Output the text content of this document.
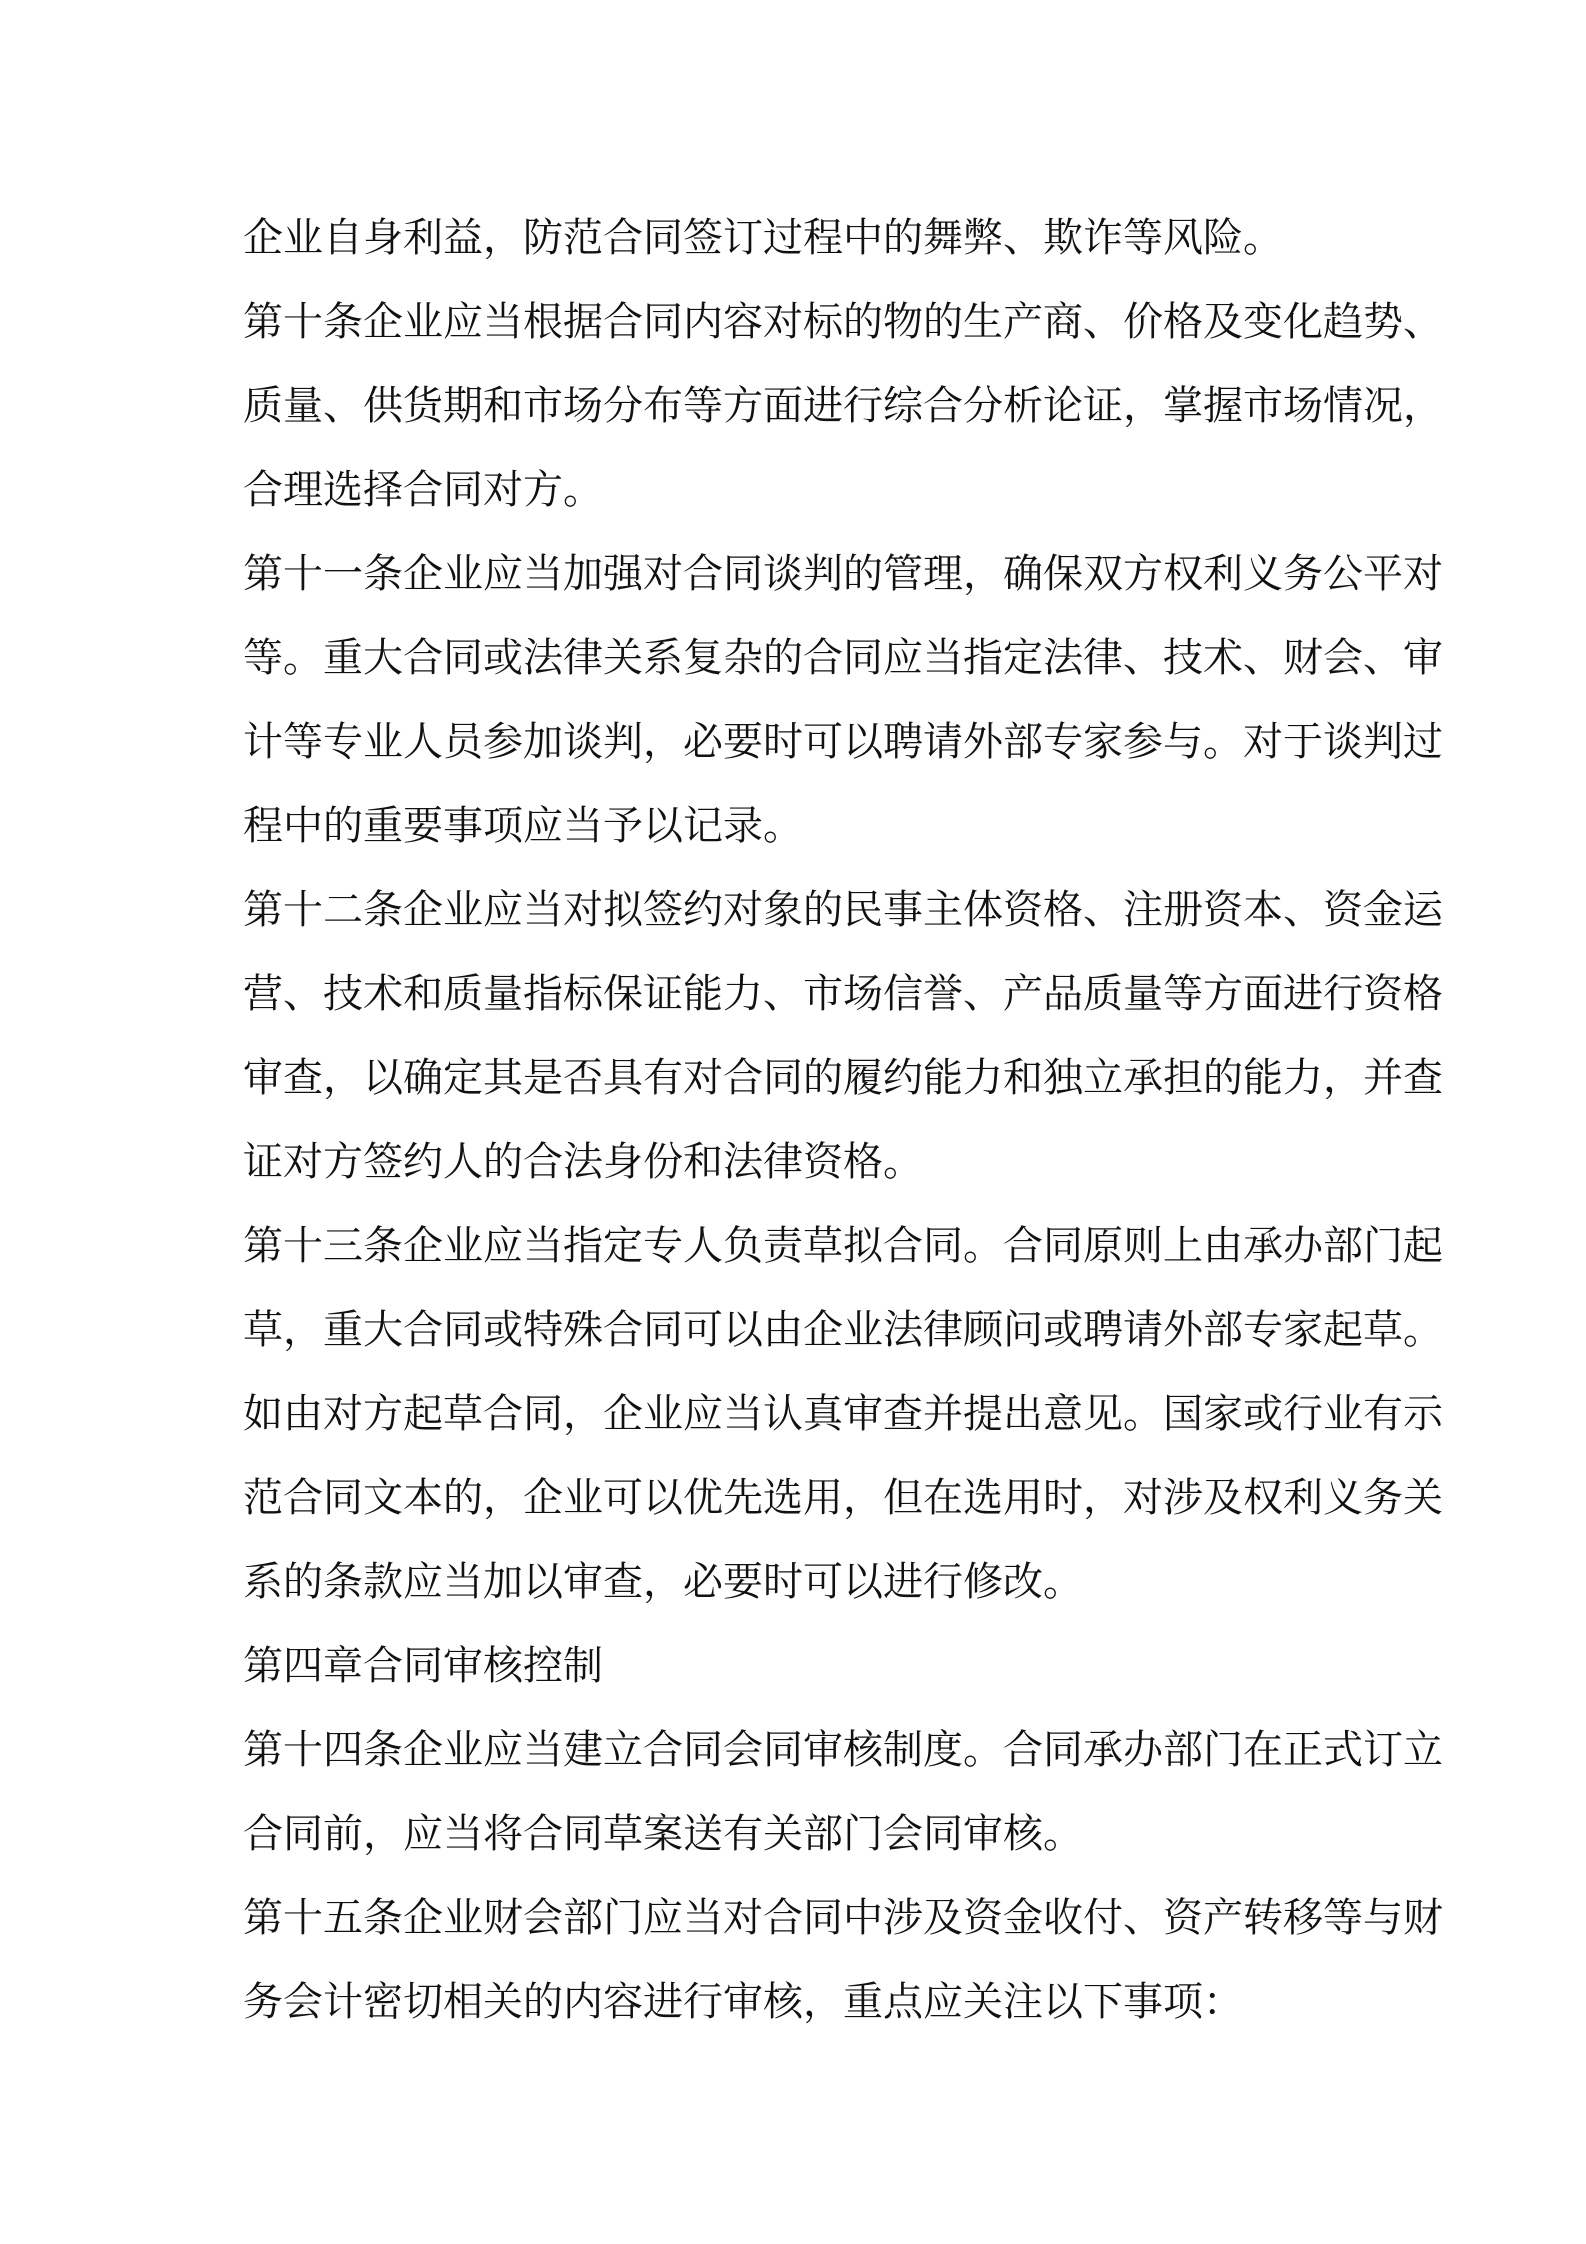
企业自身利益，防范合同签订过程中的舞弊、欺诈等风险。
第十条企业应当根据合同内容对标的物的生产商、价格及变化趋势、
质量、供货期和市场分布等方面进行综合分析论证，掌握市场情况，
合理选择合同对方。
第十一条企业应当加强对合同谈判的管理，确保双方权利义务公平对
等。重大合同或法律关系复杂的合同应当指定法律、技术、财会、审
计等专业人员参加谈判，必要时可以聘请外部专家参与。对于谈判过
程中的重要事项应当予以记录。
第十二条企业应当对拟签约对象的民事主体资格、注册资本、资金运
营、技术和质量指标保证能力、市场信誉、产品质量等方面进行资格
审查，以确定其是否具有对合同的履约能力和独立承担的能力，并查
证对方签约人的合法身份和法律资格。
第十三条企业应当指定专人负责草拟合同。合同原则上由承办部门起
草，重大合同或特殊合同可以由企业法律顾问或聘请外部专家起草。
如由对方起草合同，企业应当认真审查并提出意见。国家或行业有示
范合同文本的，企业可以优先选用，但在选用时，对涉及权利义务关
系的条款应当加以审查，必要时可以进行修改。
第四章合同审核控制
第十四条企业应当建立合同会同审核制度。合同承办部门在正式订立
合同前，应当将合同草案送有关部门会同审核。
第十五条企业财会部门应当对合同中涉及资金收付、资产转移等与财
务会计密切相关的内容进行审核，重点应关注以下事项：
